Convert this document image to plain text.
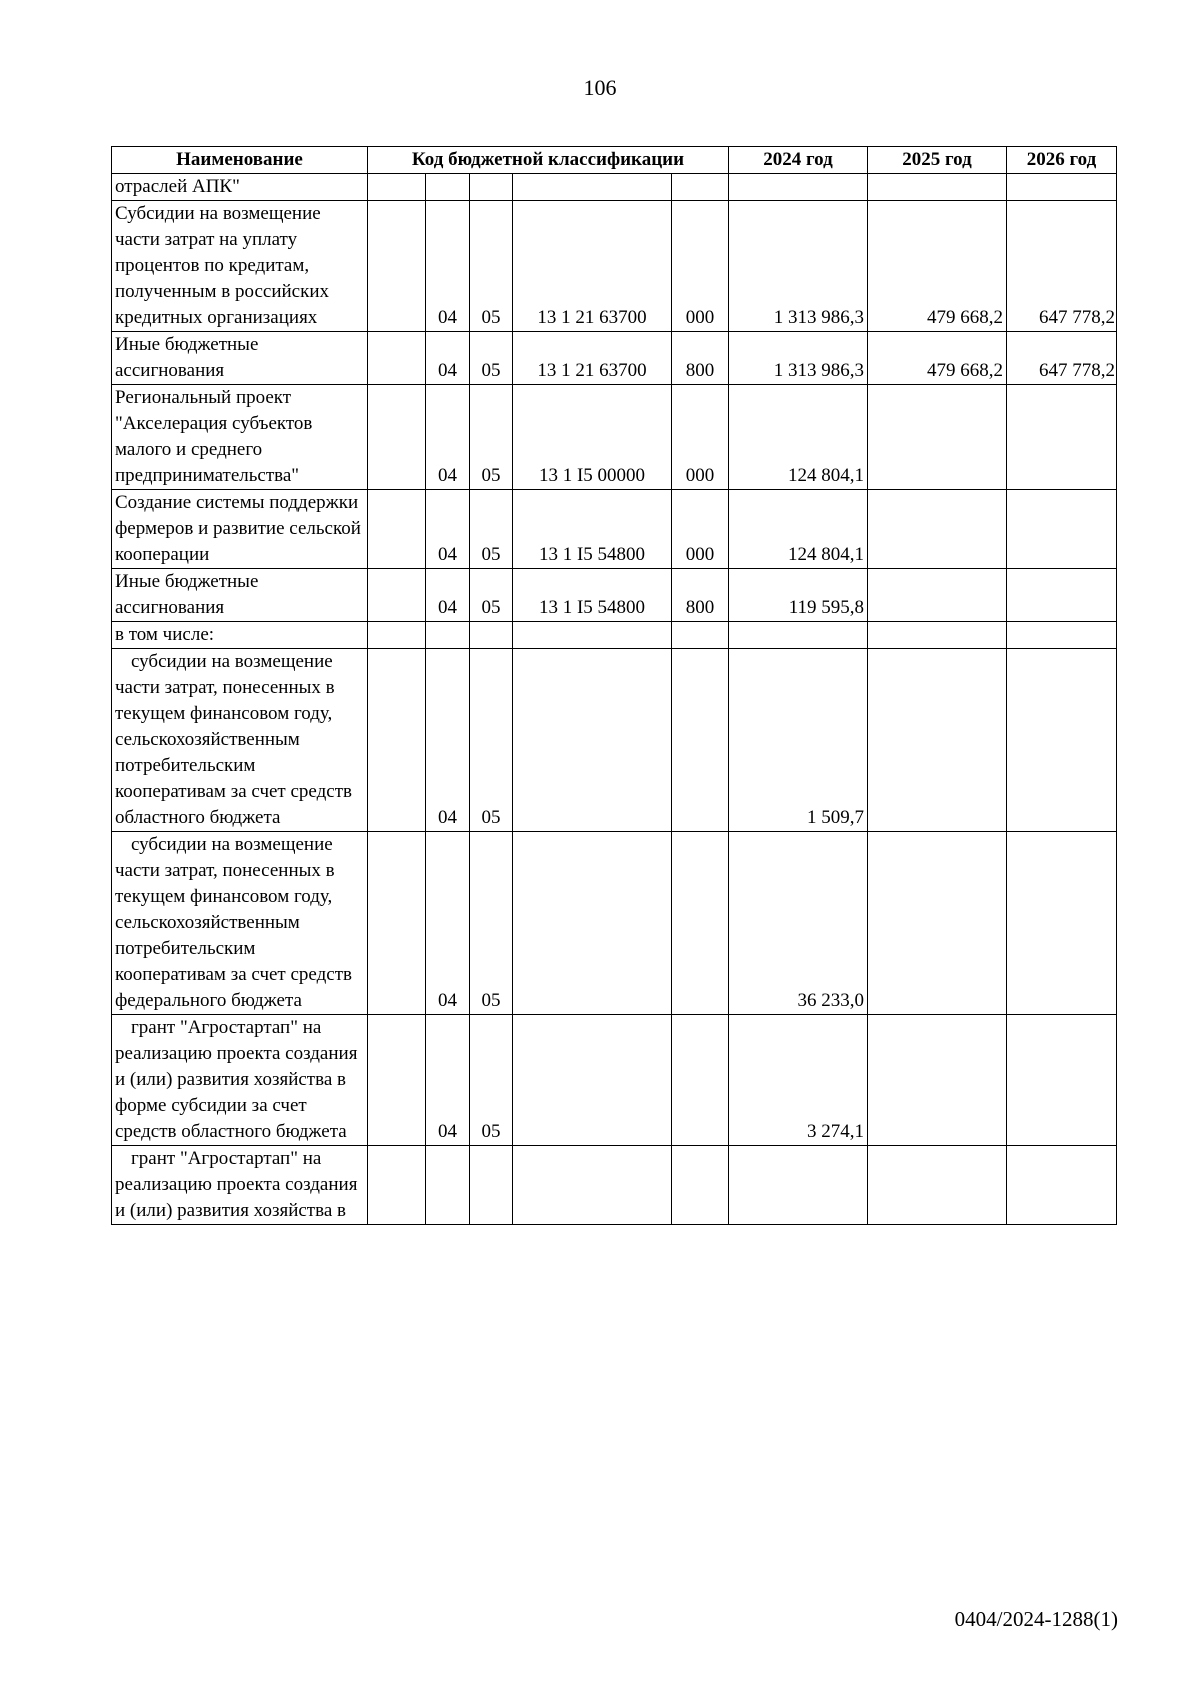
106
Наименование	Код бюджетной классификации					2024 год	2025 год	2026 год

отраслей АПК"								

Субсидии на возмещение части затрат на уплату процентов по кредитам, полученным в российских кредитных организациях		04	05	13 1 21 63700	000	1 313 986,3	479 668,2	647 778,2

Иные бюджетные ассигнования		04	05	13 1 21 63700	800	1 313 986,3	479 668,2	647 778,2

Региональный проект "Акселерация субъектов малого и среднего предпринимательства"		04	05	13 1 I5 00000	000	124 804,1		

Создание системы поддержки фермеров и развитие сельской кооперации		04	05	13 1 I5 54800	000	124 804,1		

Иные бюджетные ассигнования		04	05	13 1 I5 54800	800	119 595,8		

в том числе:								

субсидии на возмещение части затрат, понесенных в текущем финансовом году, сельскохозяйственным потребительским кооперативам за счет средств областного бюджета		04	05			1 509,7		

субсидии на возмещение части затрат, понесенных в текущем финансовом году, сельскохозяйственным потребительским кооперативам за счет средств федерального бюджета		04	05			36 233,0		

грант "Агростартап" на реализацию проекта создания и (или) развития хозяйства в форме субсидии за счет средств областного бюджета		04	05			3 274,1		

грант "Агростартап" на реализацию проекта создания и (или) развития хозяйства в								

0404/2024-1288(1)
